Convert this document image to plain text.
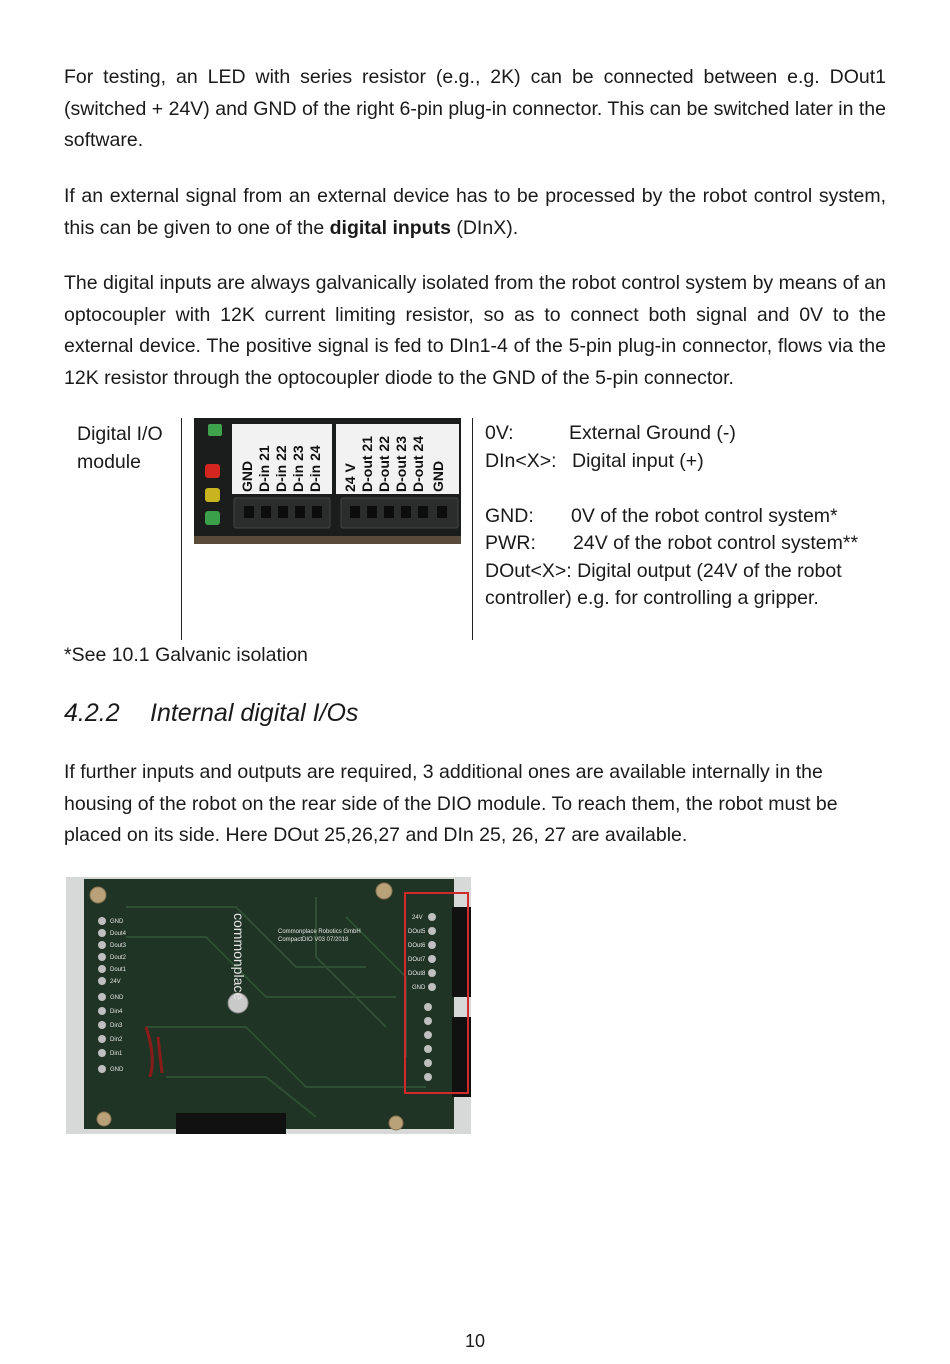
For testing, an LED with series resistor (e.g., 2K) can be connected between e.g. DOut1 (switched + 24V) and GND of the right 6-pin plug-in connector. This can be switched later in the software.

If an external signal from an external device has to be processed by the robot control system, this can be given to one of the digital inputs (DInX).

The digital inputs are always galvanically isolated from the robot control system by means of an optocoupler with 12K current limiting resistor, so as to connect both signal and 0V to the external device. The positive signal is fed to DIn1-4 of the 5-pin plug-in connector, flows via the 12K resistor through the optocoupler diode to the GND of the 5-pin connector.

Digital I/O
module
0V:	External Ground (-)
DIn<X>: Digital input (+)
GND: 0V of the robot control system*
PWR: 24V of the robot control system**
DOut<X>: Digital output (24V of the robot
controller) e.g. for controlling a gripper.
GND D-in 21 D-in 22 D-in 23 D-in 24 24 V D-out 21 D-out 22 D-out 23 D-out 24 GND
*See 10.1 Galvanic isolation
4.2.2 Internal digital I/Os

If further inputs and outputs are required, 3 additional ones are available internally in the housing of the robot on the rear side of the DIO module. To reach them, the robot must be placed on its side. Here DOut 25,26,27 and DIn 25, 26, 27 are available.

GND
Dout4
Dout3
Dout2
Dout1
24V
GND
Din4
Din3
Din2
Din1
GND
commonplace	Commonplace Robotics GmbH
CompactDIO V03 07/2018
24V
DOut5
DOut6
DOut7
DOut8
GND
10
